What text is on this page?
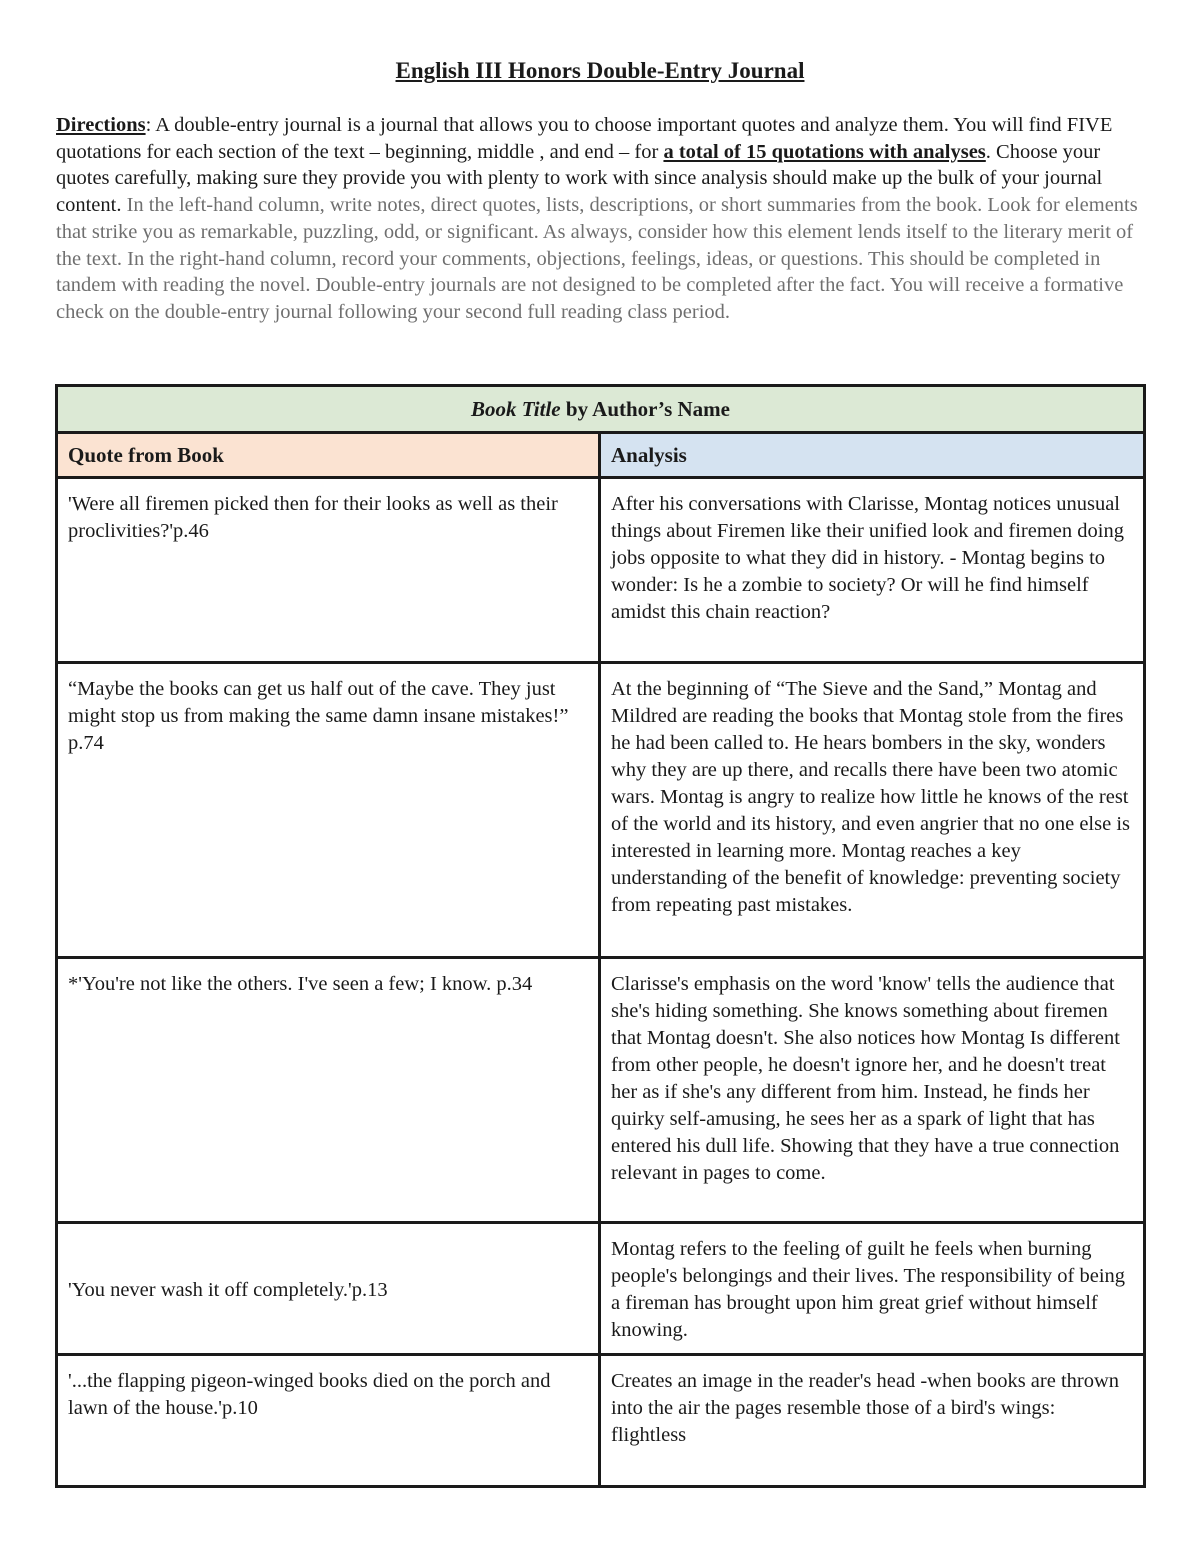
English III Honors Double-Entry Journal

Directions: A double-entry journal is a journal that allows you to choose important quotes and analyze them. You will find FIVE quotations for each section of the text – beginning, middle , and end – for a total of 15 quotations with analyses. Choose your quotes carefully, making sure they provide you with plenty to work with since analysis should make up the bulk of your journal content. In the left-hand column, write notes, direct quotes, lists, descriptions, or short summaries from the book. Look for elements that strike you as remarkable, puzzling, odd, or significant. As always, consider how this element lends itself to the literary merit of the text. In the right-hand column, record your comments, objections, feelings, ideas, or questions. This should be completed in tandem with reading the novel. Double-entry journals are not designed to be completed after the fact. You will receive a formative check on the double-entry journal following your second full reading class period.

Book Title by Author’s Name	
Quote from Book	Analysis
'Were all firemen picked then for their looks as well as their proclivities?'p.46	After his conversations with Clarisse, Montag notices unusual things about Firemen like their unified look and firemen doing jobs opposite to what they did in history. - Montag begins to wonder: Is he a zombie to society? Or will he find himself amidst this chain reaction?
“Maybe the books can get us half out of the cave. They just might stop us from making the same damn insane mistakes!” p.74	At the beginning of “The Sieve and the Sand,” Montag and Mildred are reading the books that Montag stole from the fires he had been called to. He hears bombers in the sky, wonders why they are up there, and recalls there have been two atomic wars. Montag is angry to realize how little he knows of the rest of the world and its history, and even angrier that no one else is interested in learning more. Montag reaches a key understanding of the benefit of knowledge: preventing society from repeating past mistakes.
*'You're not like the others. I've seen a few; I know. p.34	Clarisse's emphasis on the word 'know' tells the audience that she's hiding something. She knows something about firemen that Montag doesn't. She also notices how Montag Is different from other people, he doesn't ignore her, and he doesn't treat her as if she's any different from him. Instead, he finds her quirky self-amusing, he sees her as a spark of light that has entered his dull life. Showing that they have a true connection relevant in pages to come.
'You never wash it off completely.'p.13	Montag refers to the feeling of guilt he feels when burning people's belongings and their lives. The responsibility of being a fireman has brought upon him great grief without himself knowing.
'...the flapping pigeon-winged books died on the porch and lawn of the house.'p.10	Creates an image in the reader's head -when books are thrown into the air the pages resemble those of a bird's wings: flightless
